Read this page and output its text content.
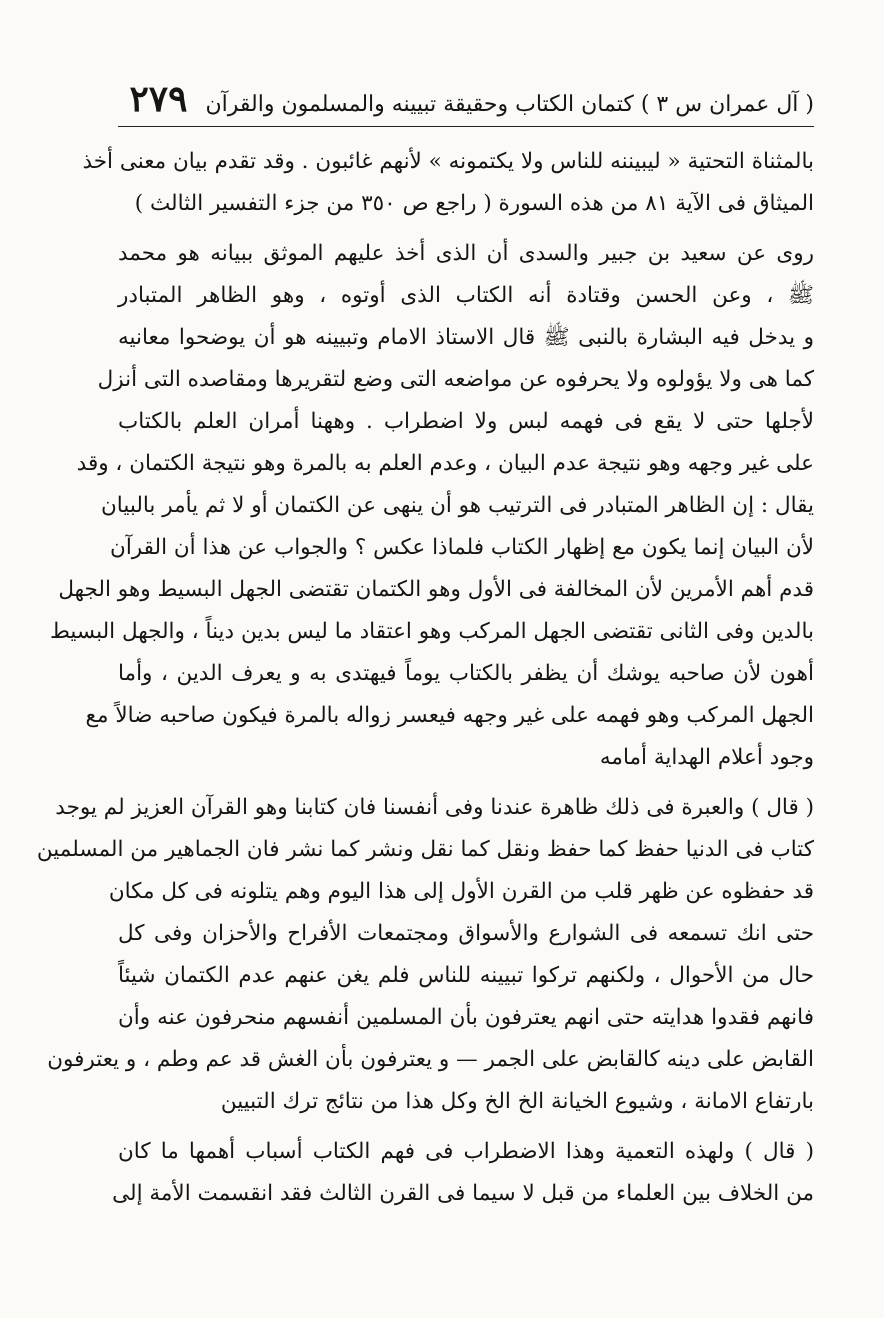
( آل عمران س ٣ ) كتمان الكتاب وحقيقة تبيينه والمسلمون والقرآن
٢٧٩
بالمثناة التحتية « ليبيننه للناس ولا يكتمونه » لأنهم غائبون . وقد تقدم بيان معنى أخذ
الميثاق فى الآية ٨١ من هذه السورة ( راجع ص ٣٥٠ من جزء التفسير الثالث )
روى عن سعيد بن جبير والسدى أن الذى أخذ عليهم الموثق ببيانه هو محمد
ﷺ ، وعن الحسن وقتادة أنه الكتاب الذى أوتوه ، وهو الظاهر المتبادر
و يدخل فيه البشارة بالنبى ﷺ قال الاستاذ الامام وتبيينه هو أن يوضحوا معانيه
كما هى ولا يؤولوه ولا يحرفوه عن مواضعه التى وضع لتقريرها ومقاصده التى أنزل
لأجلها حتى لا يقع فى فهمه لبس ولا اضطراب . وههنا أمران العلم بالكتاب
على غير وجهه وهو نتيجة عدم البيان ، وعدم العلم به بالمرة وهو نتيجة الكتمان ، وقد
يقال : إن الظاهر المتبادر فى الترتيب هو أن ينهى عن الكتمان أو لا ثم يأمر بالبيان
لأن البيان إنما يكون مع إظهار الكتاب فلماذا عكس ؟ والجواب عن هذا أن القرآن
قدم أهم الأمرين لأن المخالفة فى الأول وهو الكتمان تقتضى الجهل البسيط وهو الجهل
بالدين وفى الثانى تقتضى الجهل المركب وهو اعتقاد ما ليس بدين ديناً ، والجهل البسيط
أهون لأن صاحبه يوشك أن يظفر بالكتاب يوماً فيهتدى به و يعرف الدين ، وأما
الجهل المركب وهو فهمه على غير وجهه فيعسر زواله بالمرة فيكون صاحبه ضالاً مع
وجود أعلام الهداية أمامه
( قال ) والعبرة فى ذلك ظاهرة عندنا وفى أنفسنا فان كتابنا وهو القرآن العزيز لم يوجد
كتاب فى الدنيا حفظ كما حفظ ونقل كما نقل ونشر كما نشر فان الجماهير من المسلمين
قد حفظوه عن ظهر قلب من القرن الأول إلى هذا اليوم وهم يتلونه فى كل مكان
حتى انك تسمعه فى الشوارع والأسواق ومجتمعات الأفراح والأحزان وفى كل
حال من الأحوال ، ولكنهم تركوا تبيينه للناس فلم يغن عنهم عدم الكتمان شيئاً
فانهم فقدوا هدايته حتى انهم يعترفون بأن المسلمين أنفسهم منحرفون عنه وأن
القابض على دينه كالقابض على الجمر — و يعترفون بأن الغش قد عم وطم ، و يعترفون
بارتفاع الامانة ، وشيوع الخيانة الخ الخ وكل هذا من نتائج ترك التبيين
( قال ) ولهذه التعمية وهذا الاضطراب فى فهم الكتاب أسباب أهمها ما كان
من الخلاف بين العلماء من قبل لا سيما فى القرن الثالث فقد انقسمت الأمة إلى
